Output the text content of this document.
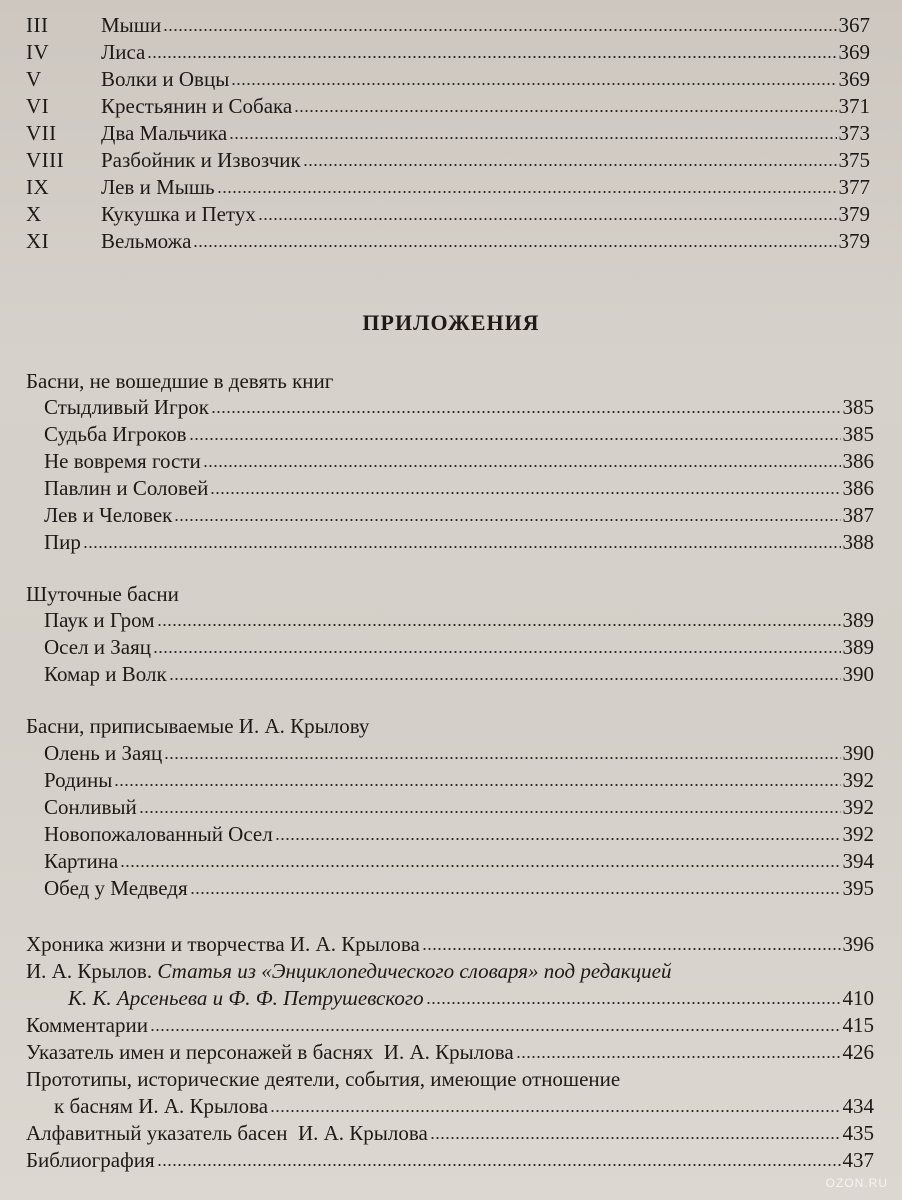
III	Мыши	367
IV	Лиса	369
V	Волки и Овцы	369
VI	Крестьянин и Собака	371
VII	Два Мальчика	373
VIII	Разбойник и Извозчик	375
IX	Лев и Мышь	377
X	Кукушка и Петух	379
XI	Вельможа	379
ПРИЛОЖЕНИЯ
Басни, не вошедшие в девять книг
Стыдливый Игрок	385
Судьба Игроков	385
Не вовремя гости	386
Павлин и Соловей	386
Лев и Человек	387
Пир	388
Шуточные басни
Паук и Гром	389
Осел и Заяц	389
Комар и Волк	390
Басни, приписываемые И. А. Крылову
Олень и Заяц	390
Родины	392
Сонливый	392
Новопожалованный Осел	392
Картина	394
Обед у Медведя	395
Хроника жизни и творчества И. А. Крылова	396
И. А. Крылов. Статья из «Энциклопедического словаря» под редакцией
К. К. Арсеньева и Ф. Ф. Петрушевского	410
Комментарии	415
Указатель имен и персонажей в баснях  И. А. Крылова	426
Прототипы, исторические деятели, события, имеющие отношение
к басням И. А. Крылова	434
Алфавитный указатель басен  И. А. Крылова	435
Библиография	437
OZON.RU
